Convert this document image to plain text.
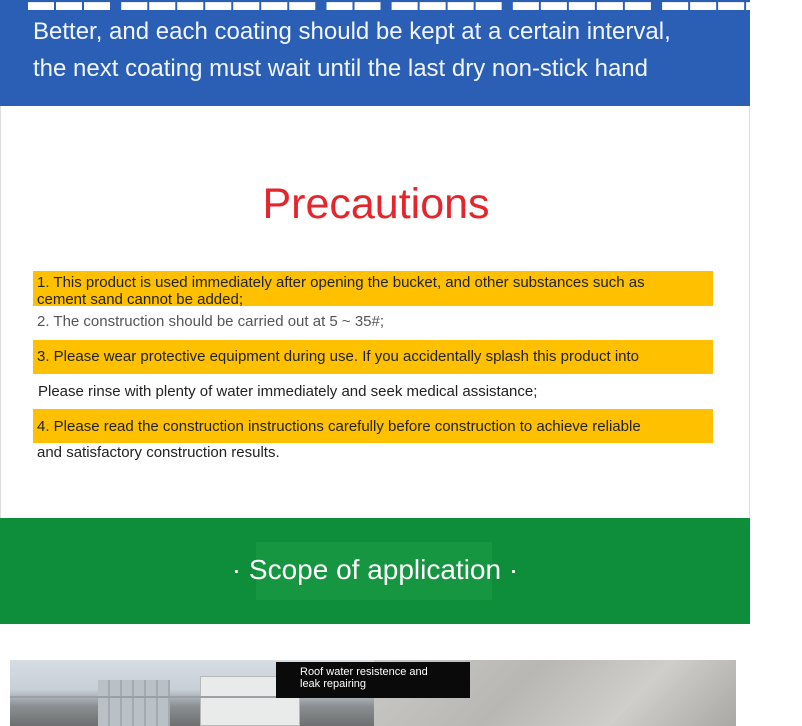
▬▬▬ ▬▬▬▬▬▬▬ ▬▬ ▬▬▬▬ ▬▬▬▬▬ ▬▬▬▬▬
Better, and each coating should be kept at a certain interval,
the next coating must wait until the last dry non-stick hand
Precautions
1. This product is used immediately after opening the bucket, and other substances such as
cement sand cannot be added;
2. The construction should be carried out at 5 ~ 35#;
3. Please wear protective equipment during use. If you accidentally splash this product into
Please rinse with plenty of water immediately and seek medical assistance;
4. Please read the construction instructions carefully before construction to achieve reliable
and satisfactory construction results.
· Scope of application ·
Roof water resistence and
leak repairing
